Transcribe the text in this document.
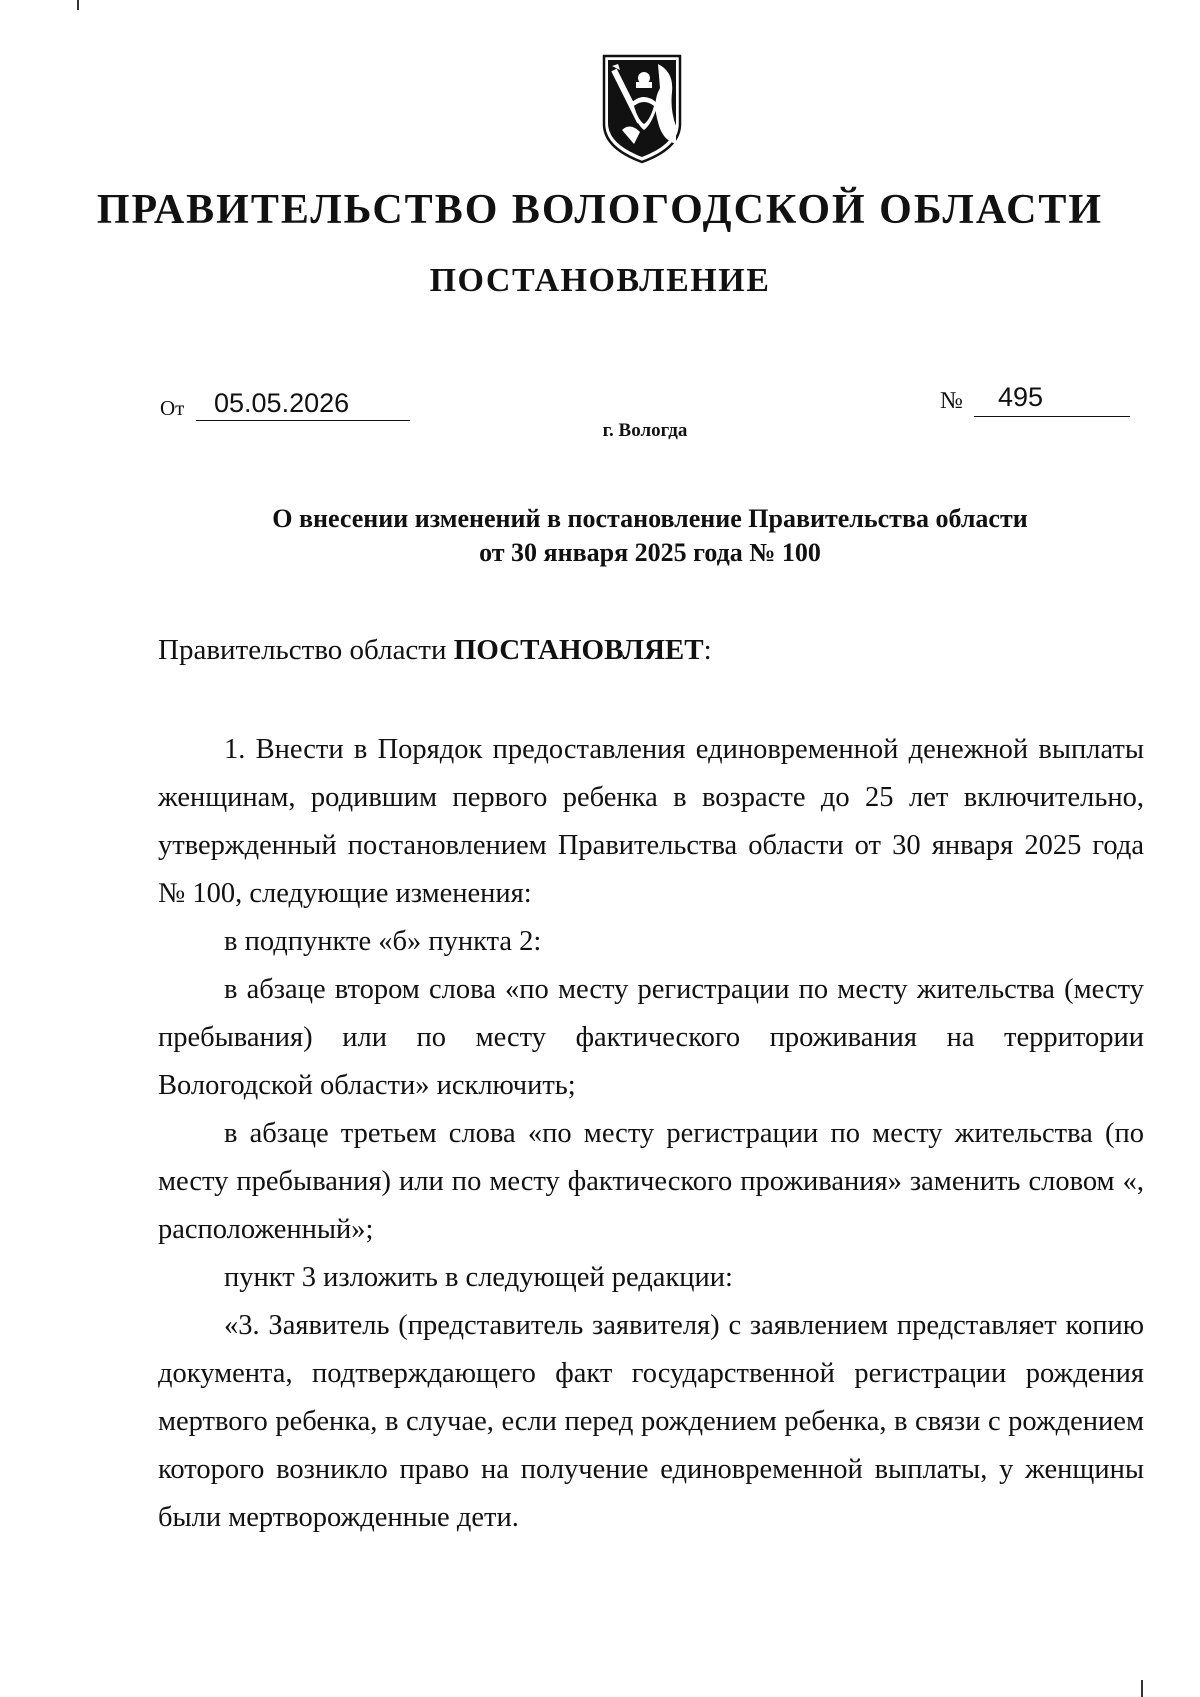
ПРАВИТЕЛЬСТВО ВОЛОГОДСКОЙ ОБЛАСТИ
ПОСТАНОВЛЕНИЕ
От 05.05.2026	№ 495
г. Вологда
О внесении изменений в постановление Правительства области
от 30 января 2025 года № 100
Правительство области ПОСТАНОВЛЯЕТ:

1. Внести в Порядок предоставления единовременной денежной выплаты женщинам, родившим первого ребенка в возрасте до 25 лет включительно, утвержденный постановлением Правительства области от 30 января 2025 года № 100, следующие изменения:

в подпункте «б» пункта 2:

в абзаце втором слова «по месту регистрации по месту жительства (месту пребывания) или по месту фактического проживания на территории Вологодской области» исключить;

в абзаце третьем слова «по месту регистрации по месту жительства (по месту пребывания) или по месту фактического проживания» заменить словом «, расположенный»;

пункт 3 изложить в следующей редакции:

«3. Заявитель (представитель заявителя) с заявлением представляет копию документа, подтверждающего факт государственной регистрации рождения мертвого ребенка, в случае, если перед рождением ребенка, в связи с рождением которого возникло право на получение единовременной выплаты, у женщины были мертворожденные дети.
